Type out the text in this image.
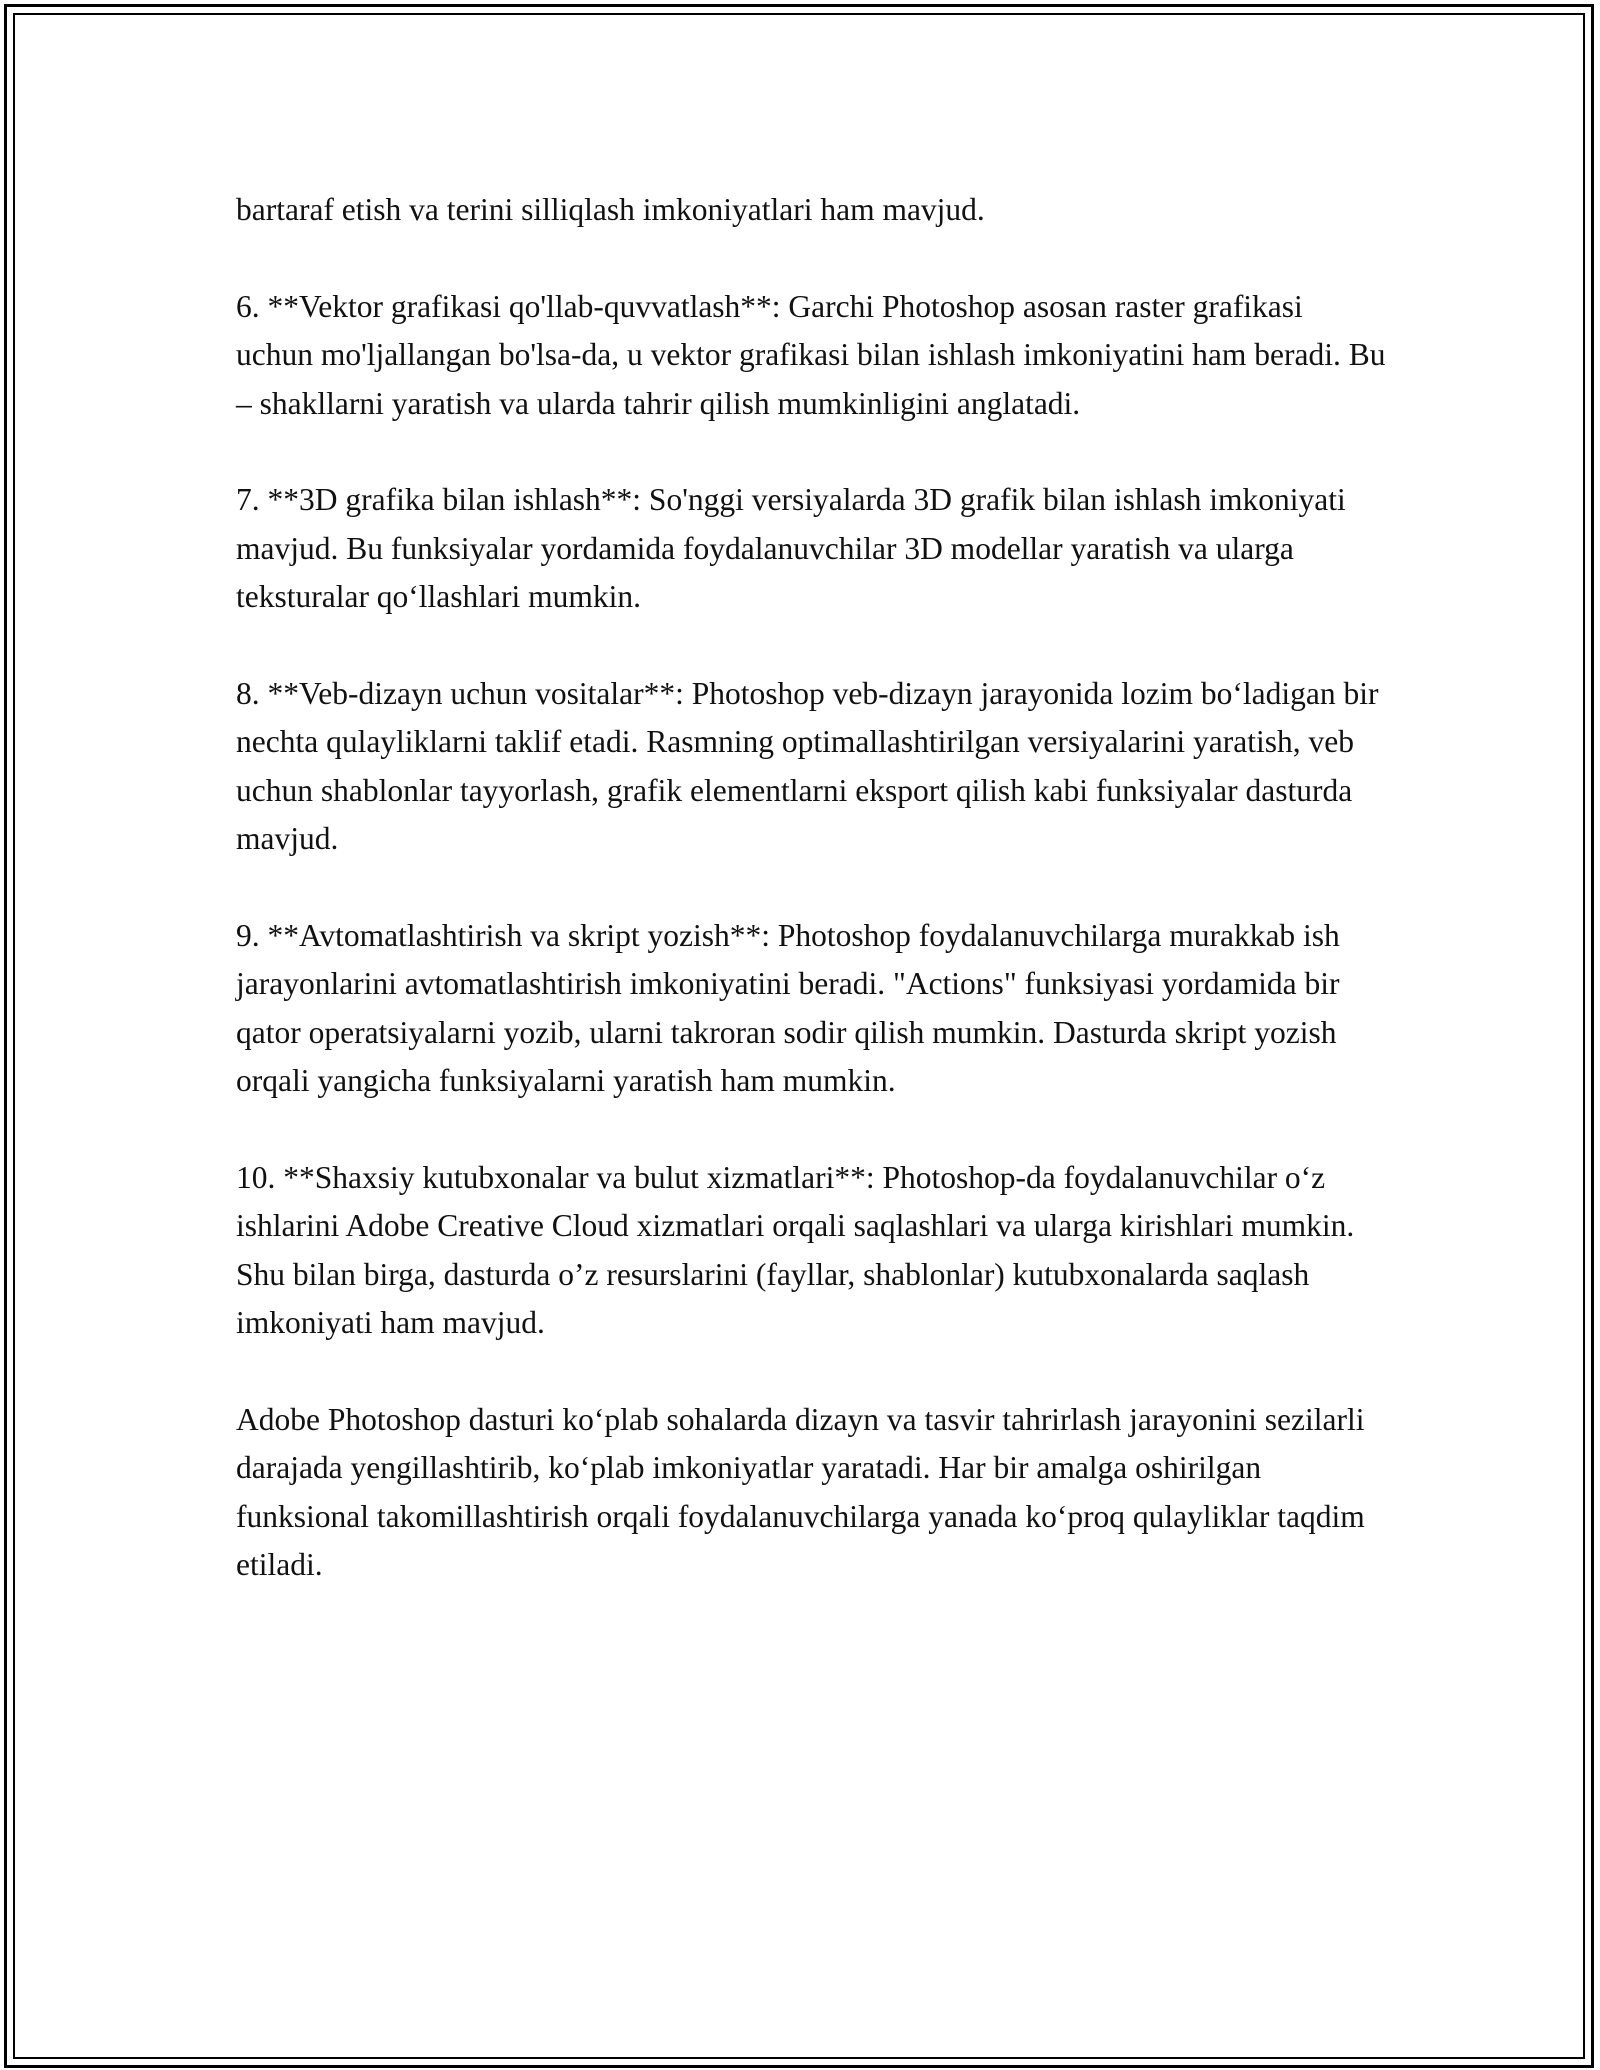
bartaraf etish va terini silliqlash imkoniyatlari ham mavjud.

6. **Vektor grafikasi qo'llab-quvvatlash**: Garchi Photoshop asosan raster grafikasi uchun mo'ljallangan bo'lsa-da, u vektor grafikasi bilan ishlash imkoniyatini ham beradi. Bu – shakllarni yaratish va ularda tahrir qilish mumkinligini anglatadi.

7. **3D grafika bilan ishlash**: So'nggi versiyalarda 3D grafik bilan ishlash imkoniyati mavjud. Bu funksiyalar yordamida foydalanuvchilar 3D modellar yaratish va ularga teksturalar qo‘llashlari mumkin.

8. **Veb-dizayn uchun vositalar**: Photoshop veb-dizayn jarayonida lozim bo‘ladigan bir nechta qulayliklarni taklif etadi. Rasmning optimallashtirilgan versiyalarini yaratish, veb uchun shablonlar tayyorlash, grafik elementlarni eksport qilish kabi funksiyalar dasturda mavjud.

9. **Avtomatlashtirish va skript yozish**: Photoshop foydalanuvchilarga murakkab ish jarayonlarini avtomatlashtirish imkoniyatini beradi. "Actions" funksiyasi yordamida bir qator operatsiyalarni yozib, ularni takroran sodir qilish mumkin. Dasturda skript yozish orqali yangicha funksiyalarni yaratish ham mumkin.

10. **Shaxsiy kutubxonalar va bulut xizmatlari**: Photoshop-da foydalanuvchilar o‘z ishlarini Adobe Creative Cloud xizmatlari orqali saqlashlari va ularga kirishlari mumkin. Shu bilan birga, dasturda o’z resurslarini (fayllar, shablonlar) kutubxonalarda saqlash imkoniyati ham mavjud.

Adobe Photoshop dasturi ko‘plab sohalarda dizayn va tasvir tahrirlash jarayonini sezilarli darajada yengillashtirib, ko‘plab imkoniyatlar yaratadi. Har bir amalga oshirilgan funksional takomillashtirish orqali foydalanuvchilarga yanada ko‘proq qulayliklar taqdim etiladi.
